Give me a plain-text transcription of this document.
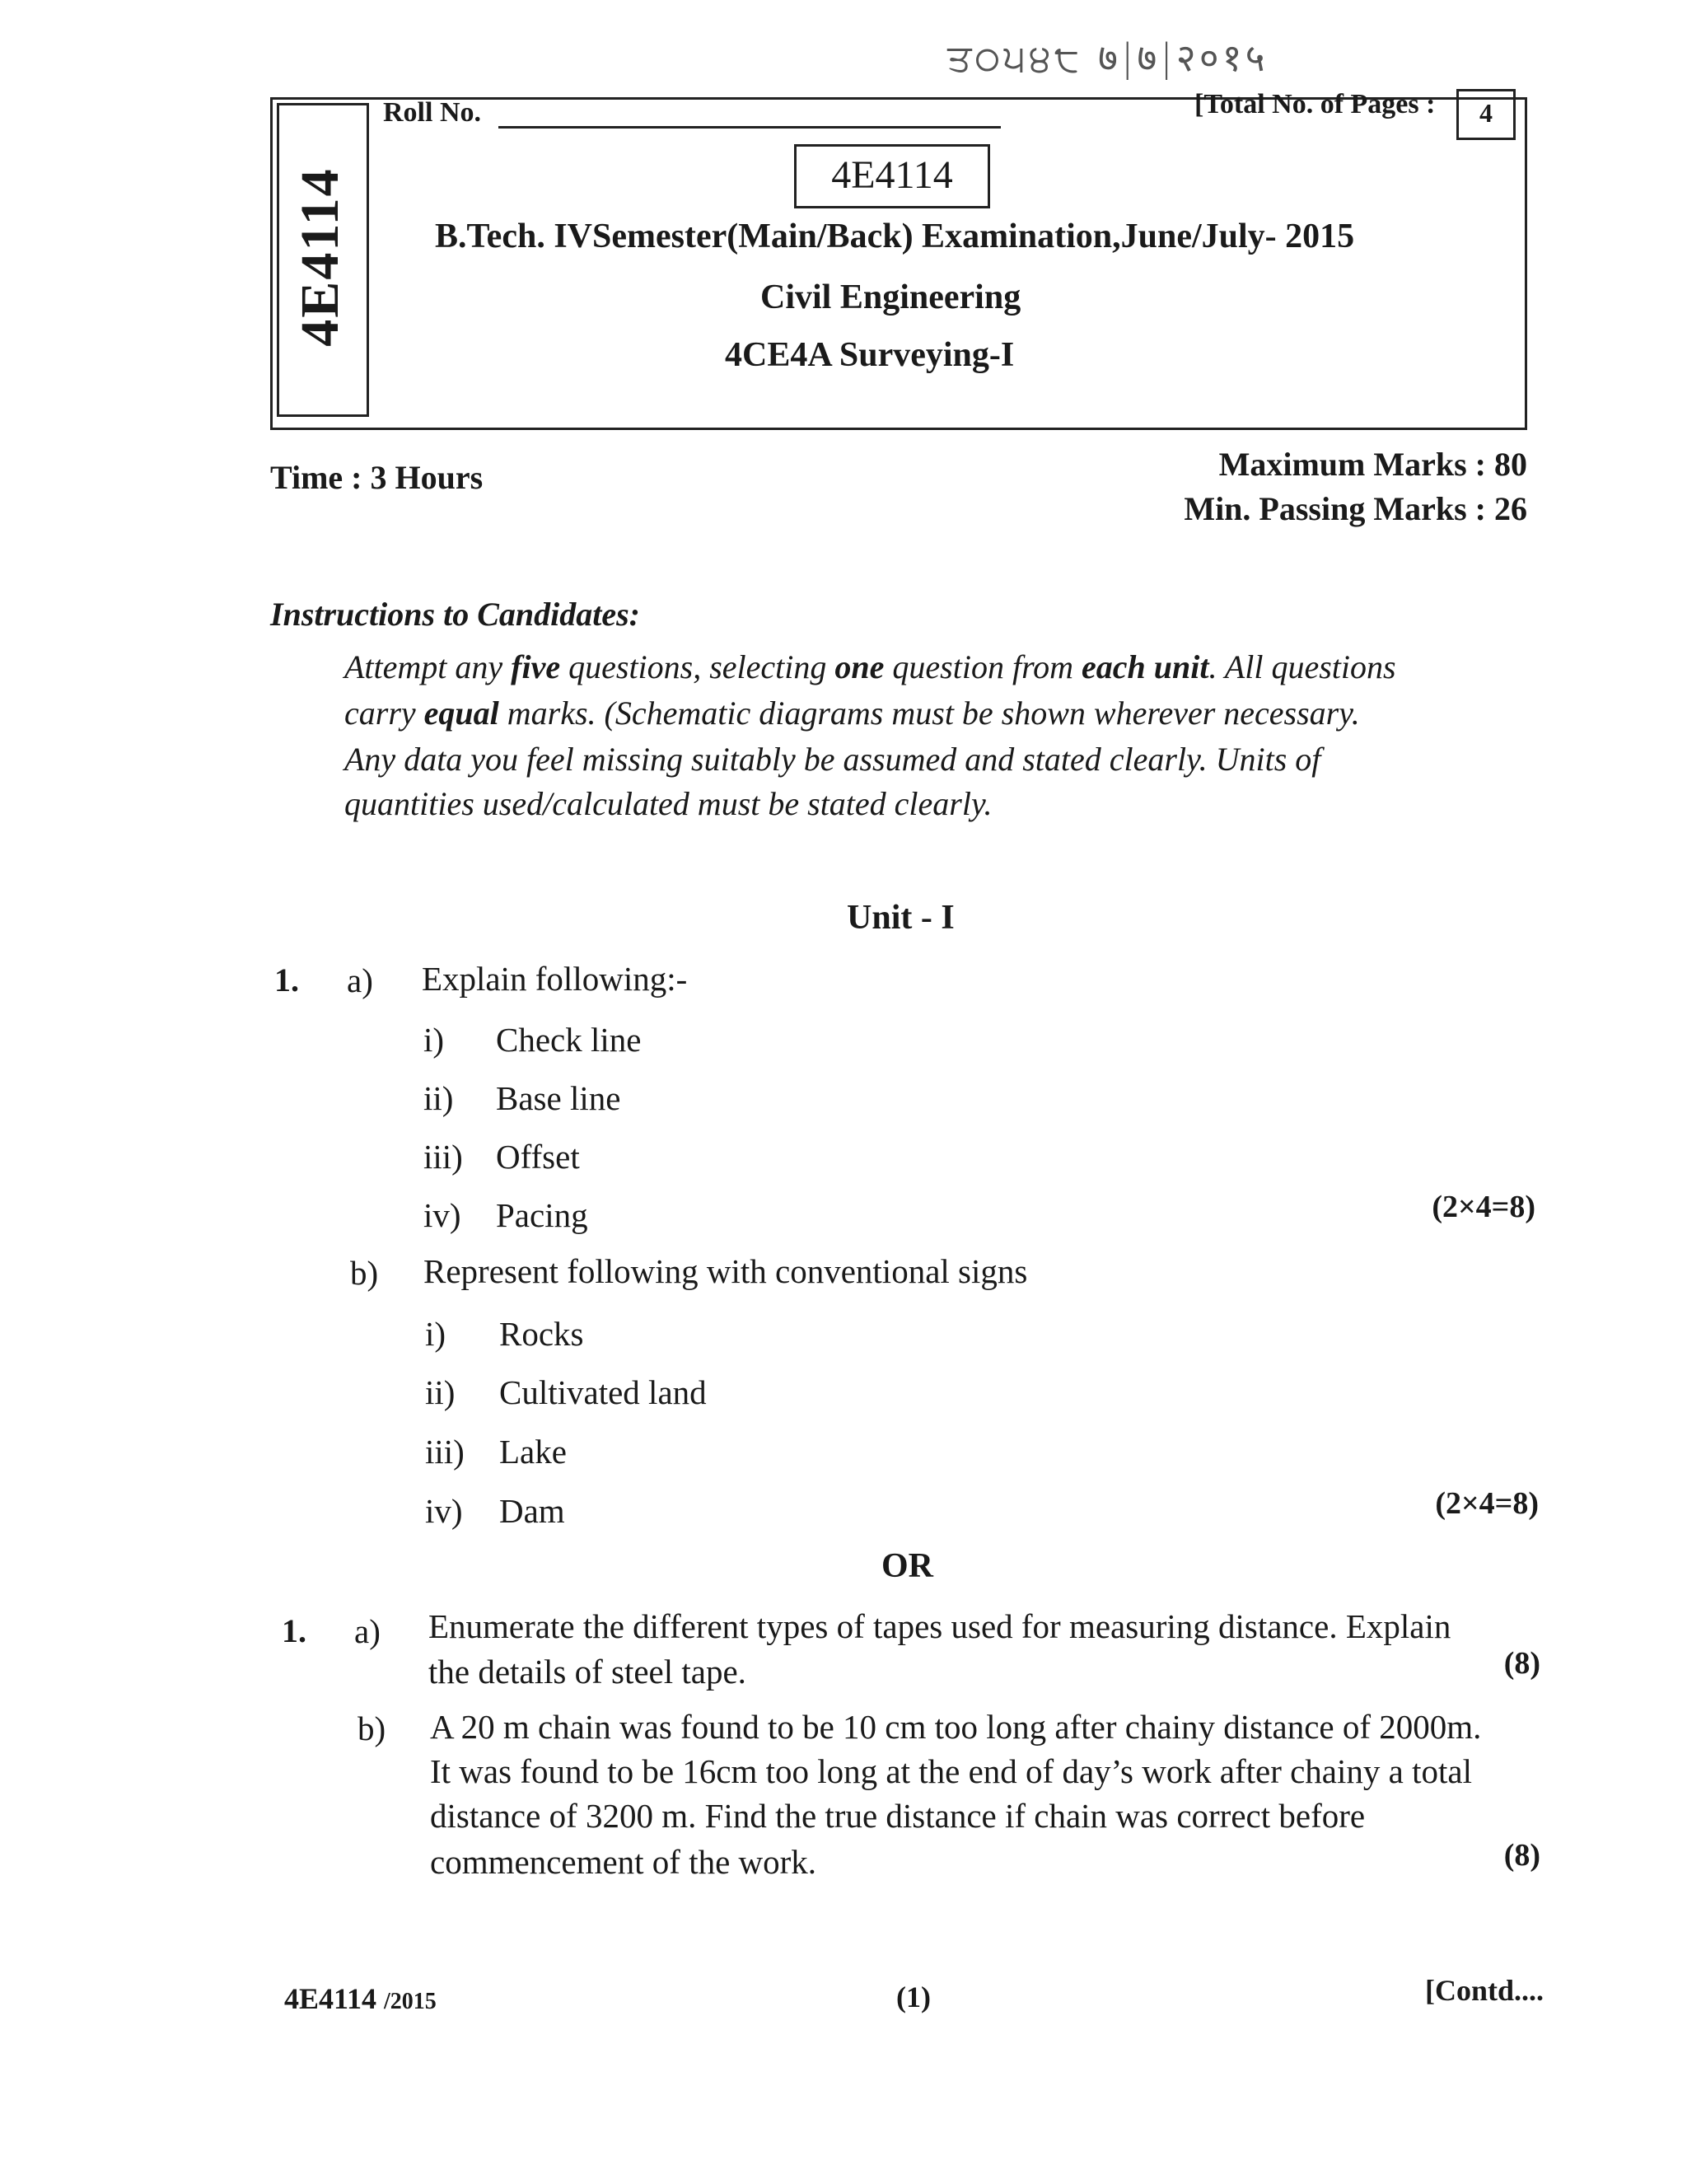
ਤ੦੫੪੮ ७|७|२०१५
4E4114
Roll No.	[Total No. of Pages :	4
4E4114
B.Tech. IVSemester(Main/Back) Examination,June/July- 2015
Civil Engineering
4CE4A Surveying-I
Time : 3 Hours	Maximum Marks : 80
Min. Passing Marks : 26
Instructions to Candidates:
Attempt any five questions, selecting one question from each unit. All questions
carry equal marks. (Schematic diagrams must be shown wherever necessary.
Any data you feel missing suitably be assumed and stated clearly. Units of
quantities used/calculated must be stated clearly.
Unit - I
1. a) Explain following:-
i) Check line
ii) Base line
iii) Offset
iv) Pacing	(2×4=8)
b) Represent following with conventional signs
i) Rocks
ii) Cultivated land
iii) Lake
iv) Dam	(2×4=8)
OR
1. a) Enumerate the different types of tapes used for measuring distance. Explain
the details of steel tape.	(8)
b) A 20 m chain was found to be 10 cm too long after chainy distance of 2000m.
It was found to be 16cm too long at the end of day’s work after chainy a total
distance of 3200 m. Find the true distance if chain was correct before
commencement of the work.	(8)
4E4114 /2015	(1)	[Contd....
